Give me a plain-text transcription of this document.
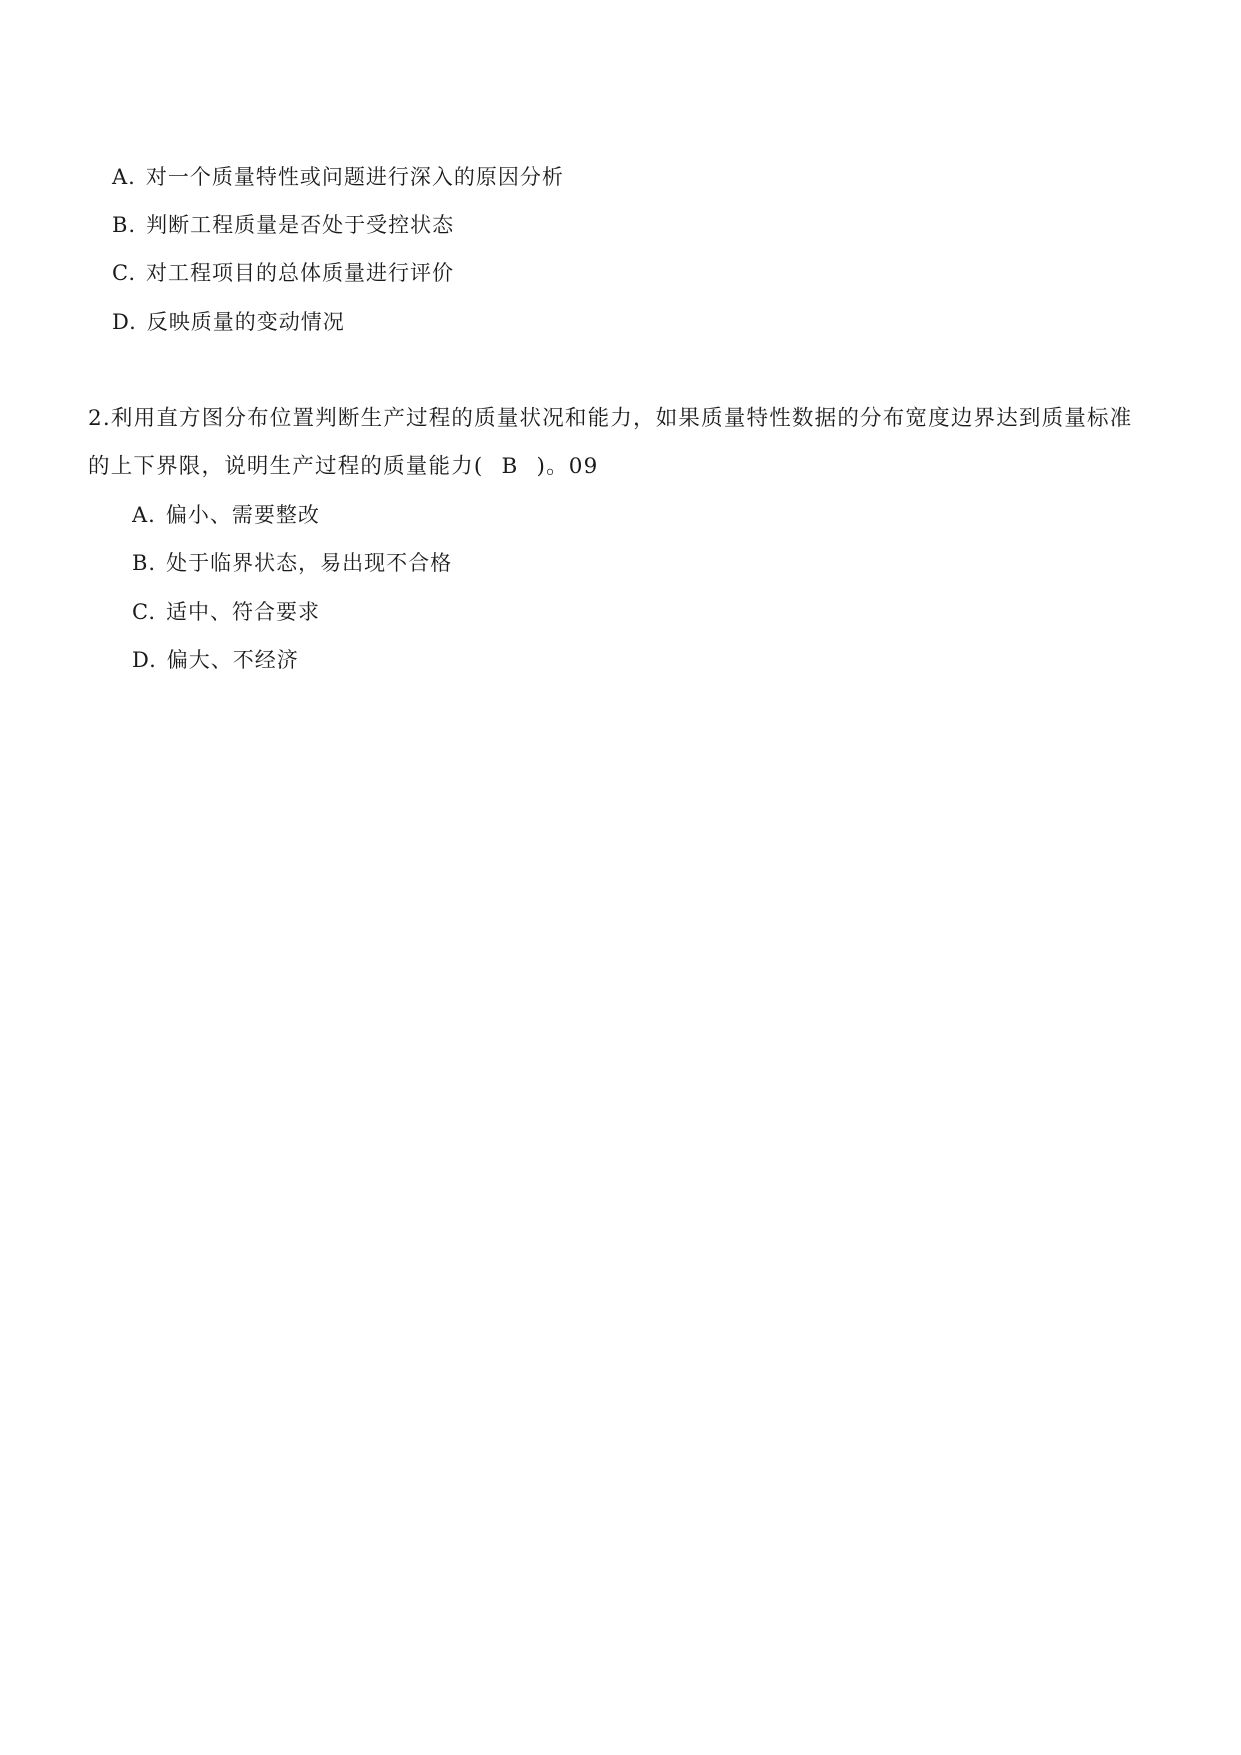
A. 对一个质量特性或问题进行深入的原因分析
B. 判断工程质量是否处于受控状态
C. 对工程项目的总体质量进行评价
D. 反映质量的变动情况
2.利用直方图分布位置判断生产过程的质量状况和能力，如果质量特性数据的分布宽度边界达到质量标准
的上下界限，说明生产过程的质量能力( B )。09
A. 偏小、需要整改
B. 处于临界状态，易出现不合格
C. 适中、符合要求
D. 偏大、不经济
